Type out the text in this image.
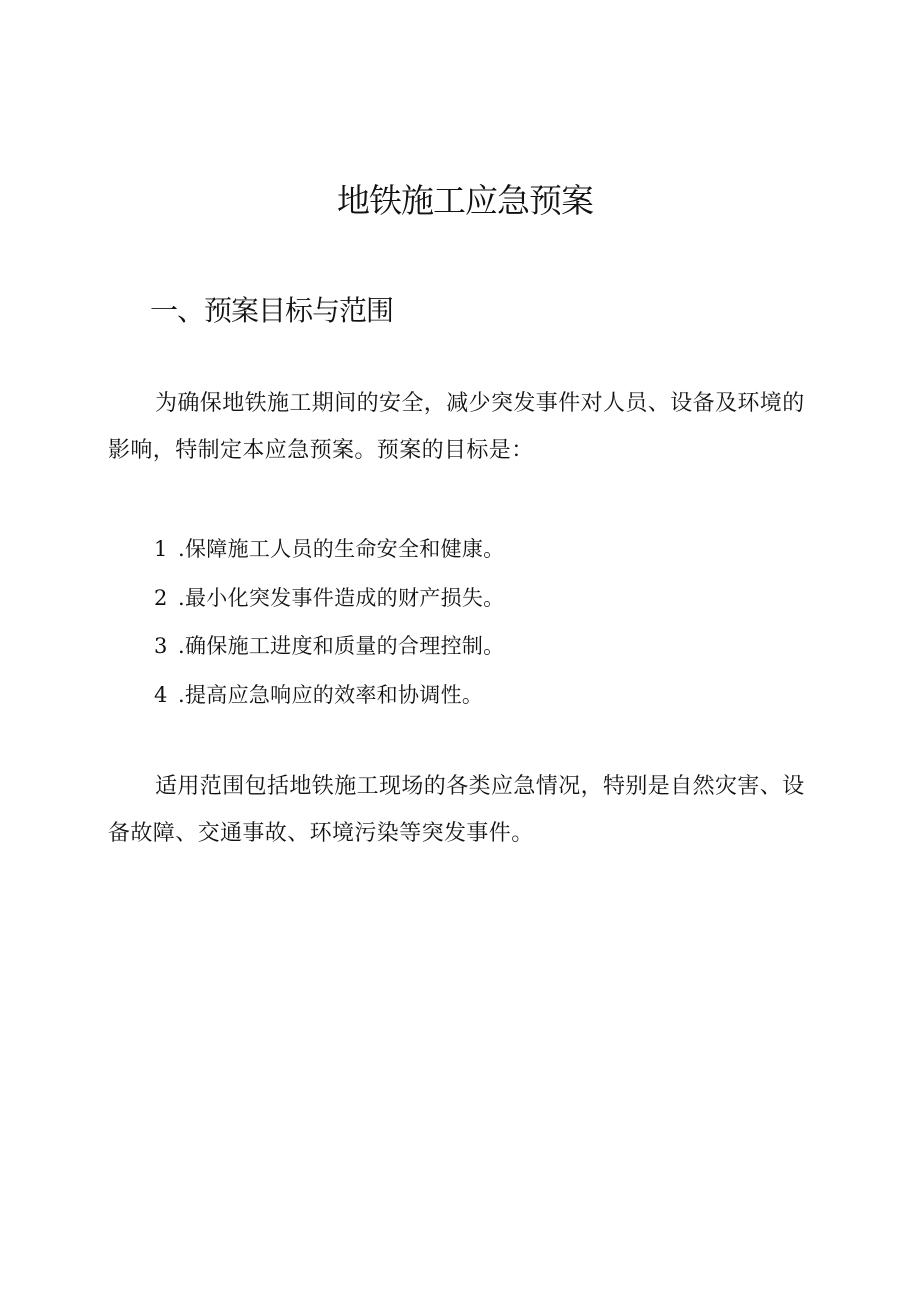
地铁施工应急预案
一、预案目标与范围

为确保地铁施工期间的安全，减少突发事件对人员、设备及环境的影响，特制定本应急预案。预案的目标是：

1 .保障施工人员的生命安全和健康。
2 .最小化突发事件造成的财产损失。
3 .确保施工进度和质量的合理控制。
4 .提高应急响应的效率和协调性。

适用范围包括地铁施工现场的各类应急情况，特别是自然灾害、设备故障、交通事故、环境污染等突发事件。
